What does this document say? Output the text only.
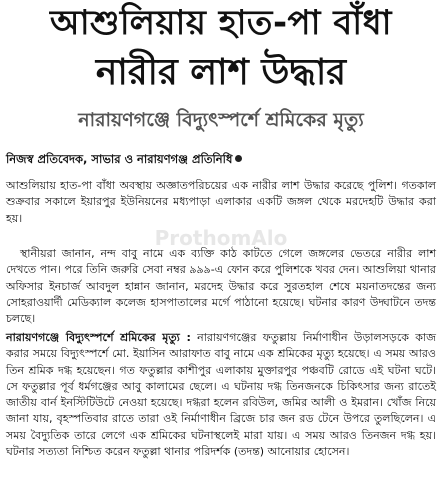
আশুলিয়ায় হাত-পা বাঁধা
নারীর লাশ উদ্ধার
নারায়ণগঞ্জে বিদ্যুৎস্পর্শে শ্রমিকের মৃত্যু
নিজস্ব প্রতিবেদক, সাভার ও নারায়ণগঞ্জ প্রতিনিধি
ProthomAlo

আশুলিয়ায় হাত-পা বাঁধা অবস্থায় অজ্ঞাতপরিচয়ের এক নারীর লাশ উদ্ধার করেছে পুলিশ। গতকাল শুক্রবার সকালে ইয়ারপুর ইউনিয়নের মধ্যপাড়া এলাকার একটি জঙ্গল থেকে মরদেহটি উদ্ধার করা হয়।

স্থানীয়রা জানান, নন্দ বাবু নামে এক ব্যক্তি কাঠ কাটতে গেলে জঙ্গলের ভেতরে নারীর লাশ দেখতে পান। পরে তিনি জরুরি সেবা নম্বর ৯৯৯-এ ফোন করে পুলিশকে খবর দেন। আশুলিয়া থানার অফিসার ইনচার্জ আবদুল হান্নান জানান, মরদেহ উদ্ধার করে সুরতহাল শেষে ময়নাতদন্তের জন্য সোহরাওয়ার্দী মেডিক্যাল কলেজ হাসপাতালের মর্গে পাঠানো হয়েছে। ঘটনার কারণ উদ্ঘাটনে তদন্ত চলছে।

নারায়ণগঞ্জে বিদ্যুৎস্পর্শে শ্রমিকের মৃত্যু : নারায়ণগঞ্জের ফতুল্লায় নির্মাণাধীন উড়ালসড়কে কাজ করার সময়ে বিদ্যুৎস্পর্শে মো. ইয়াসিন আরাফাত বাবু নামে এক শ্রমিকের মৃত্যু হয়েছে। এ সময় আরও তিন শ্রমিক দগ্ধ হয়েছেন। গত ফতুল্লার কাশীপুর এলাকায় মুক্তারপুর পঞ্চবটি রোডে এই ঘটনা ঘটে। সে ফতুল্লার পূর্ব ধর্মগঞ্জের আবু কালামের ছেলে। এ ঘটনায় দগ্ধ তিনজনকে চিকিৎসার জন্য রাতেই জাতীয় বার্ন ইনস্টিটিউটে নেওয়া হয়েছে। দগ্ধরা হলেন রবিউল, জমির আলী ও ইমরান। খোঁজ নিয়ে জানা যায়, বৃহস্পতিবার রাতে তারা ওই নির্মাণাধীন ব্রিজে চার জন রড টেনে উপরে তুলছিলেন। এ সময় বৈদ্যুতিক তারে লেগে এক শ্রমিকের ঘটনাস্থলেই মারা যায়। এ সময় আরও তিনজন দগ্ধ হয়। ঘটনার সত্যতা নিশ্চিত করেন ফতুল্লা থানার পরিদর্শক (তদন্ত) আনোয়ার হোসেন।
